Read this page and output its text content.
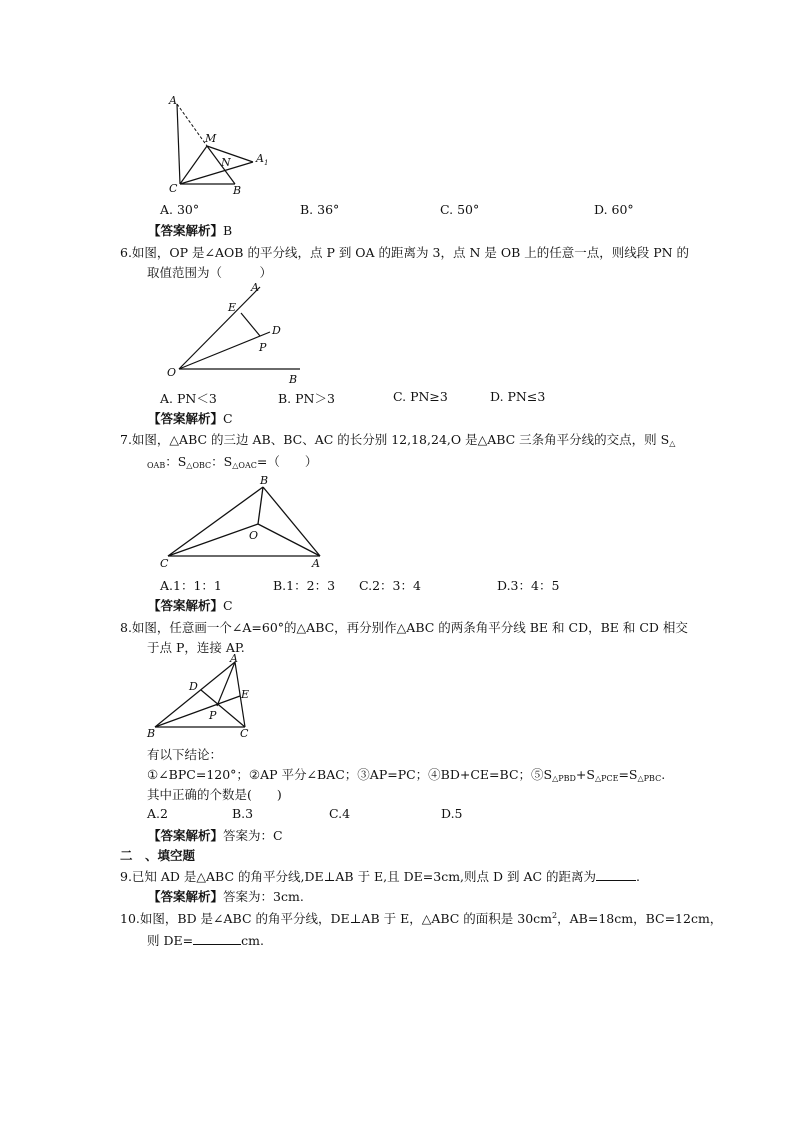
A
M
N A 1
C	B
A. 30°	B. 36°	C. 50°	D. 60°
【答案解析】B
6.如图，OP 是∠AOB 的平分线，点 P 到 OA 的距离为 3，点 N 是 OB 上的任意一点，则线段 PN 的
取值范围为（　　　）
A
E
D
P
O
B
A. PN＜3	B. PN＞3	C. PN≥3	D. PN≤3
【答案解析】C
7.如图，△ABC 的三边 AB、BC、AC 的长分别 12,18,24,O 是△ABC 三条角平分线的交点，则 $S_\triangle$
$_{OAB}$：$S_{\triangle OBC}$：$S_{\triangle OAC}=$（　　）
B
O
C	A
A.1：1：1	B.1：2：3 C.2：3：4	D.3：4：5
【答案解析】C
8.如图，任意画一个∠A=60°的△ABC，再分别作△ABC 的两条角平分线 BE 和 CD，BE 和 CD 相交
于点 P，连接 AP.
A
D
E
P
B	C
有以下结论：
①∠BPC=120°；②AP 平分∠BAC；③AP=PC；④BD+CE=BC；$⑤S_{\triangle PBD}+S_{\triangle PCE}=S_{\triangle PBC}$.
其中正确的个数是(　　)
A.2	B.3	C.4	D.5
【答案解析】答案为：C
二　、填空题
9.已知 AD 是△ABC 的角平分线,DE⊥AB 于 E,且 DE=3cm,则点 D 到 AC 的距离为	.
【答案解析】答案为：3cm.
10.如图，BD 是∠ABC 的角平分线，DE⊥AB 于 E，△ABC 的面积是 $30cm^2$，AB=18cm，BC=12cm，
则 DE=	cm.
